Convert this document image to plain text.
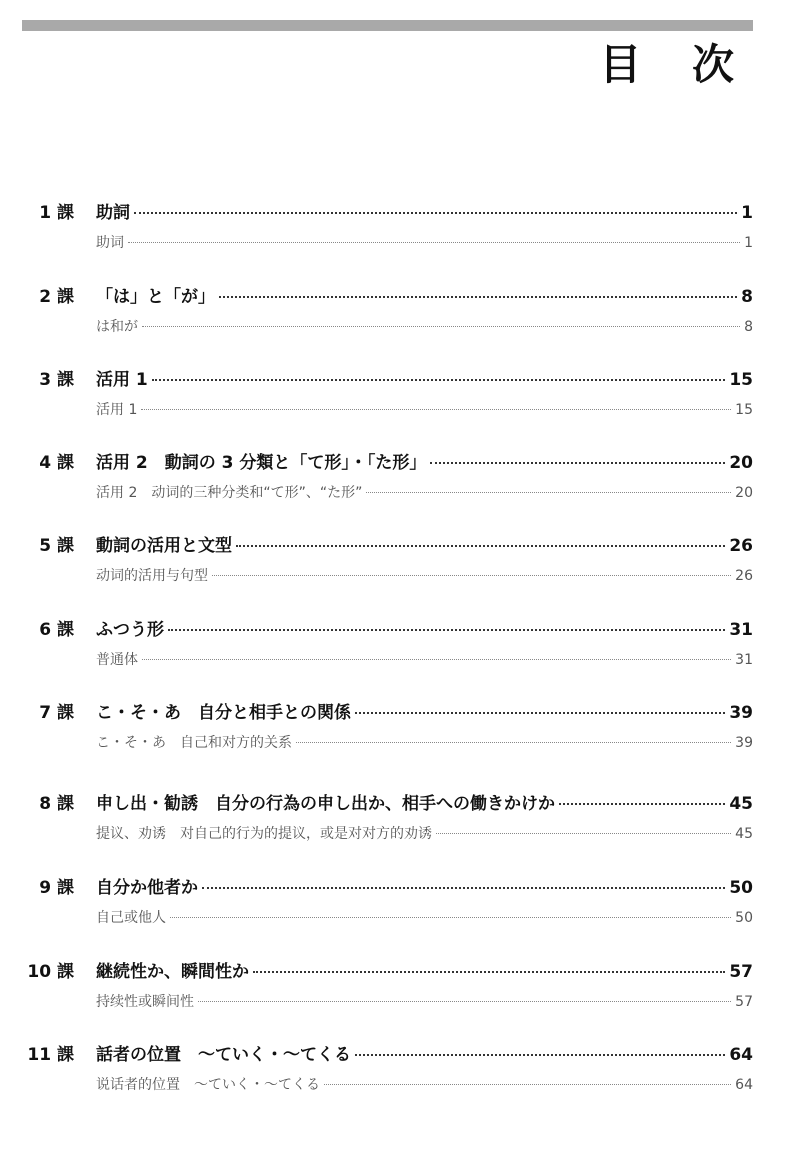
目 次
1 課	助詞	1
助词	1
2 課	「は」と「が」	8
は和が	8
3 課	活用 1	15
活用 1	15
4 課	活用 2　動詞の 3 分類と「て形」・「た形」	20
活用 2　动词的三种分类和“て形”、“た形”	20
5 課	動詞の活用と文型	26
动词的活用与句型	26
6 課	ふつう形	31
普通体	31
7 課	こ・そ・あ　自分と相手との関係	39
こ・そ・あ　自己和对方的关系	39
8 課	申し出・勧誘　自分の行為の申し出か、相手への働きかけか	45
提议、劝诱　对自己的行为的提议，或是对对方的劝诱	45
9 課	自分か他者か	50
自己或他人	50
10 課	継続性か、瞬間性か	57
持续性或瞬间性	57
11 課	話者の位置　～ていく・～てくる	64
说话者的位置　～ていく・～てくる	64
